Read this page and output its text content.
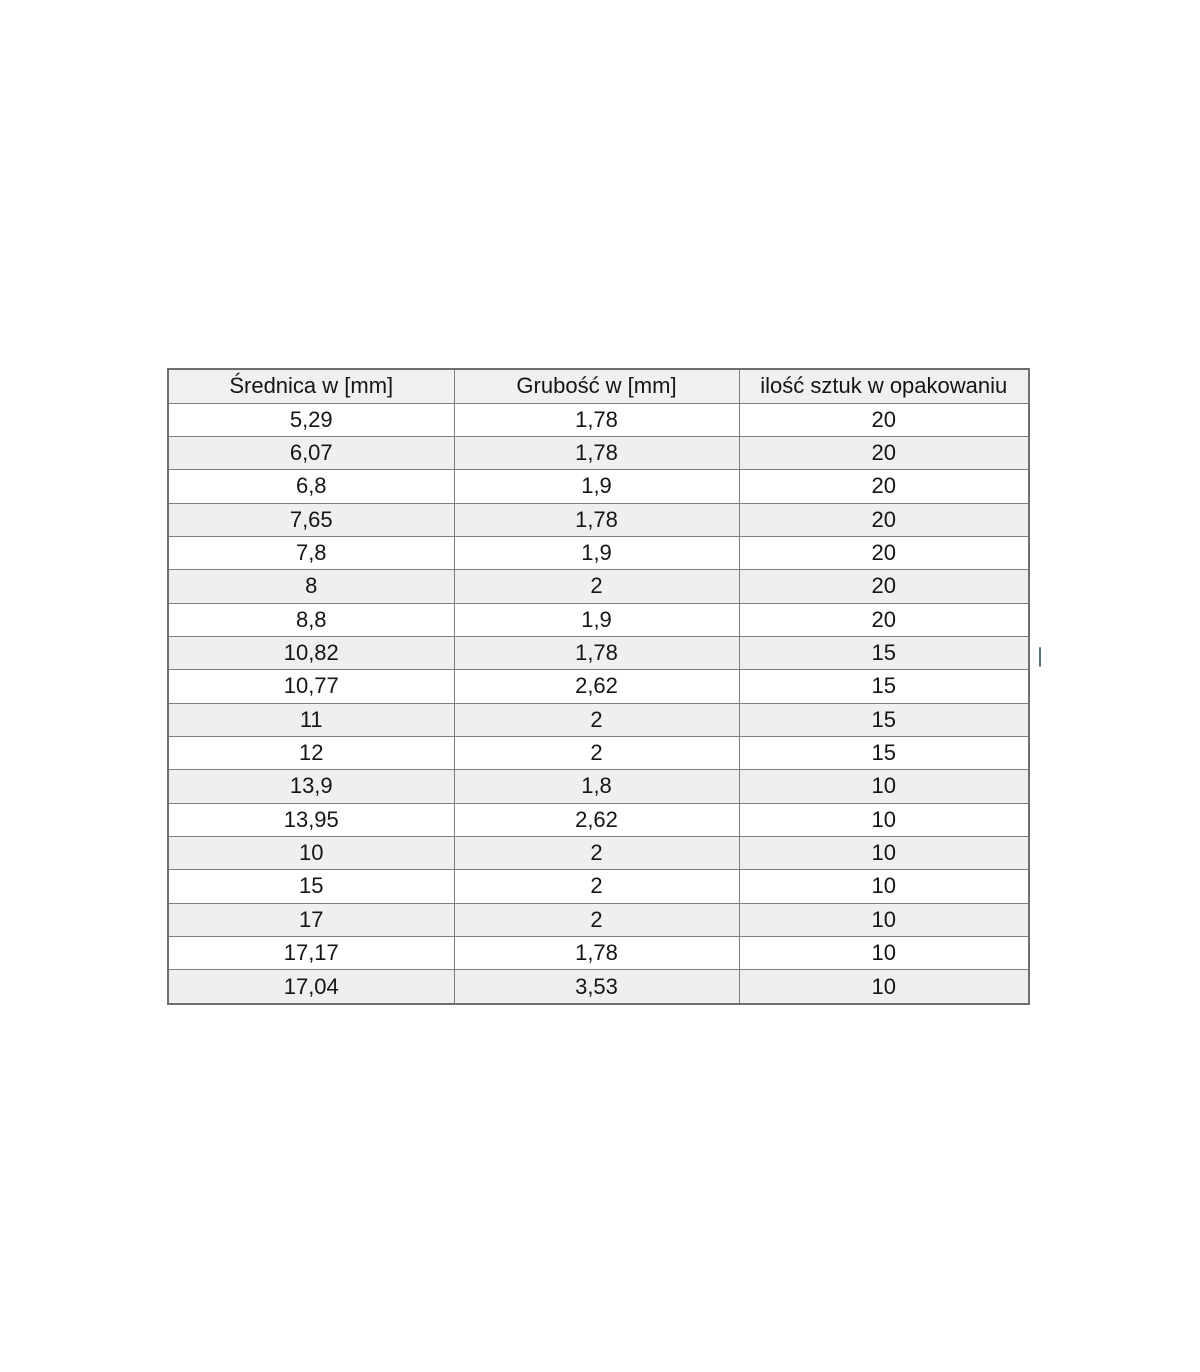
Średnica w [mm]	Grubość w [mm]	ilość sztuk w opakowaniu
5,29	1,78	20
6,07	1,78	20
6,8	1,9	20
7,65	1,78	20
7,8	1,9	20
8	2	20
8,8	1,9	20
10,82	1,78	15
10,77	2,62	15
11	2	15
12	2	15
13,9	1,8	10
13,95	2,62	10
10	2	10
15	2	10
17	2	10
17,17	1,78	10
17,04	3,53	10
